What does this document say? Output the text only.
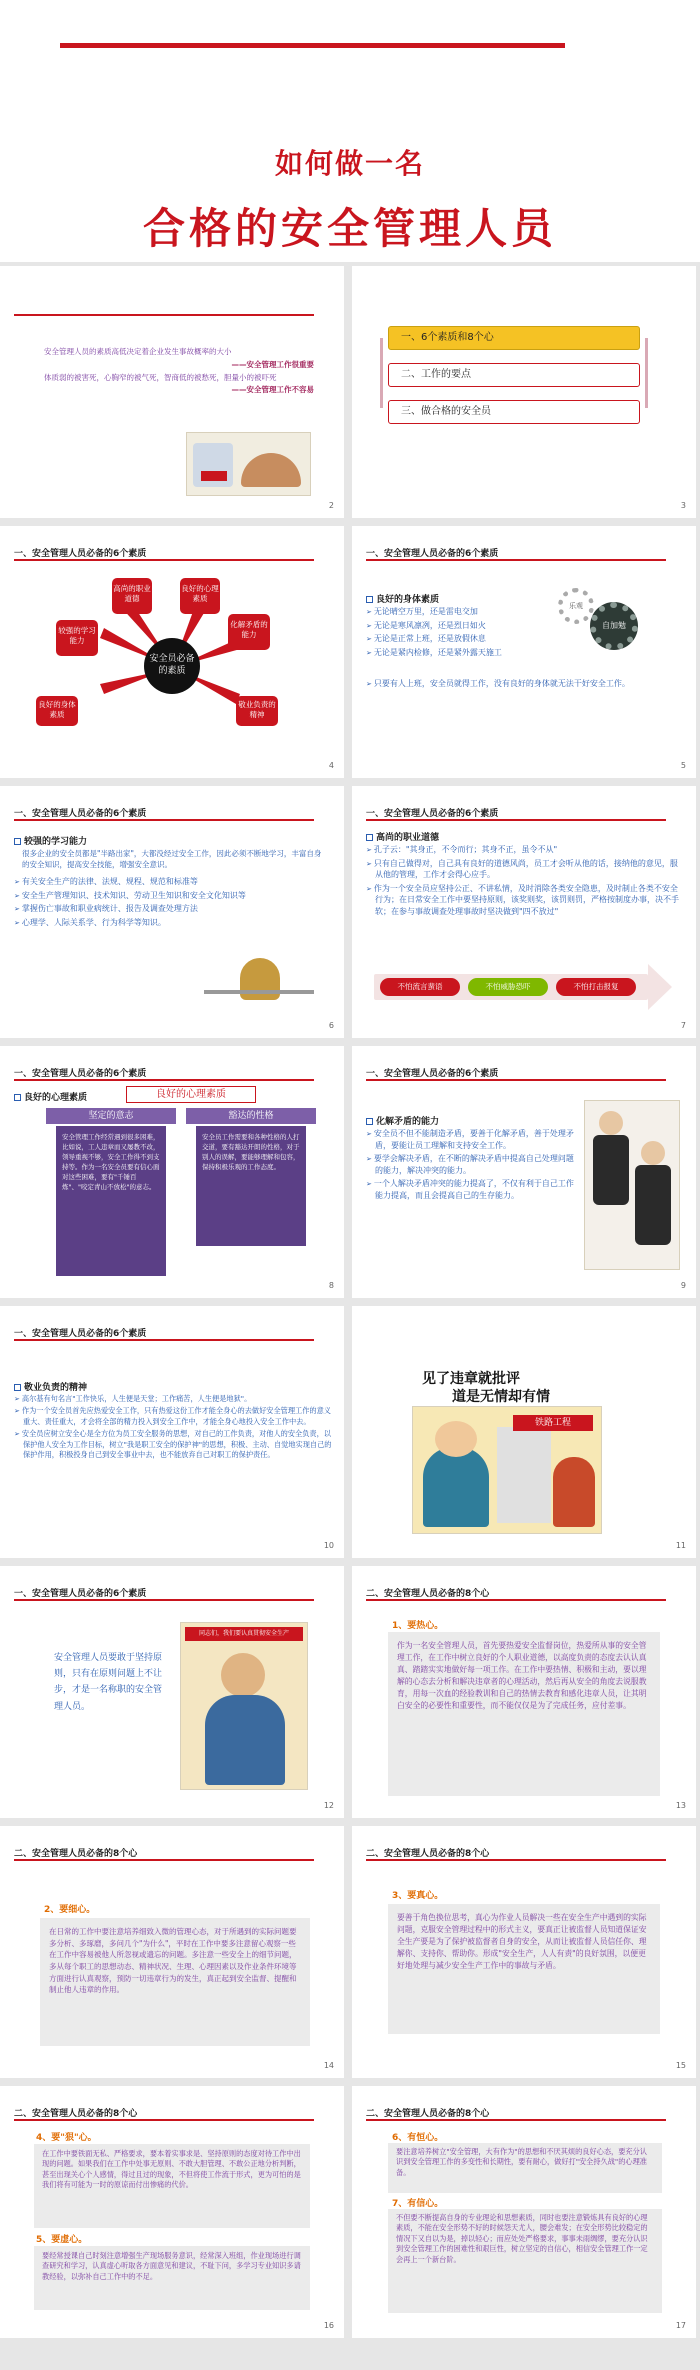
如何做一名
合格的安全管理人员
安全管理人员的素质高低决定着企业发生事故概率的大小
——安全管理工作很重要
体质弱的被害死，心胸窄的被气死，智商低的被愁死，胆量小的被吓死
——安全管理工作不容易
2
一、6个素质和8个心
二、工作的要点
三、做合格的安全员
3
一、安全管理人员必备的6个素质
安全员必备的素质
高尚的职业道德
良好的心理素质
化解矛盾的能力
敬业负责的精神
良好的身体素质
较强的学习能力
4
一、安全管理人员必备的6个素质
良好的身体素质
➢ 无论晴空万里，还是雷电交加
➢ 无论是寒风凛冽，还是烈日如火
➢ 无论是正常上班，还是放假休息
➢ 无论是紧内检修，还是紧外露天施工
➢ 只要有人上班，安全员就得工作，没有良好的身体就无法干好安全工作。
乐观
自加勉
5
一、安全管理人员必备的6个素质
较强的学习能力
很多企业的安全员都是"半路出家"，大都没经过安全工作，因此必须不断地学习，丰富自身的安全知识，提高安全技能，增强安全意识。
➢ 有关安全生产的法律、法规、规程、规范和标准等
➢ 安全生产管理知识、技术知识、劳动卫生知识和安全文化知识等
➢ 掌握伤亡事故和职业病统计、报告及调查处理方法
➢ 心理学、人际关系学、行为科学等知识。
6
一、安全管理人员必备的6个素质
高尚的职业道德
➢ 孔子云："其身正，不令而行；其身不正，虽令不从"
➢ 只有自己做得对，自己具有良好的道德风尚，员工才会听从他的话，接纳他的意见，服从他的管理，工作才会得心应手。
➢ 作为一个安全员应坚持公正、不讲私情，及时消除各类安全隐患，及时制止各类不安全行为；在日常安全工作中要坚持原则，该奖则奖，该罚则罚，严格按制度办事，决不手软；在参与事故调查处理事故时坚决做到"四不放过"
不怕流言蜚语	不怕威胁恐吓	不怕打击报复
7
一、安全管理人员必备的6个素质
良好的心理素质	良好的心理素质
坚定的意志	豁达的性格
安全管理工作经常遇到很多困难，比如说，工人违章而又屡教不改，领导重视不够，安全工作得不到支持等。作为一名安全员要有信心面对这些困难，要有"千锤百炼"、"咬定青山不放松"的意志。
安全员工作需要和各种性格的人打交道，要有豁达开朗的性格，对于别人的误解，要能够理解和包容，保持积极乐观的工作态度。
8
一、安全管理人员必备的6个素质
化解矛盾的能力
➢ 安全员不但不能制造矛盾，要善于化解矛盾，善于处理矛盾，要能让员工理解和支持安全工作。
➢ 要学会解决矛盾，在不断的解决矛盾中提高自己处理问题的能力，解决冲突的能力。
➢ 一个人解决矛盾冲突的能力提高了，不仅有利于自己工作能力提高，而且会提高自己的生存能力。
9
一、安全管理人员必备的6个素质
敬业负责的精神
➢ 高尔基有句名言"工作快乐，人生便是天堂；工作痛苦，人生便是地狱"。
➢ 作为一个安全员首先应热爱安全工作，只有热爱这份工作才能全身心的去做好安全管理工作的意义重大、责任重大，才会将全部的精力投入到安全工作中，才能全身心地投入安全工作中去。
➢ 安全员应树立安全心是全方位为员工安全服务的思想，对自己的工作负责，对他人的安全负责，以保护他人安全为工作目标，树立"我是职工安全的保护神"的思想，积极、主动、自觉地实现自己的保护作用，积极投身自己到安全事业中去，也不能放弃自己对职工的保护责任。
10
见了违章就批评
道是无情却有情
铁路工程
11
一、安全管理人员必备的6个素质
安全管理人员要敢于坚持原则，只有在原则问题上不让步，才是一名称职的安全管理人员。
同志们，我们要认真贯彻安全生产
12
二、安全管理人员必备的8个心
1、要热心。
作为一名安全管理人员，首先要热爱安全监督岗位，热爱所从事的安全管理工作，在工作中树立良好的个人职业道德，以高度负责的态度去认认真真、踏踏实实地做好每一项工作。在工作中要热情、积极和主动，要以理解的心态去分析和解决违章者的心理活动，然后再从安全的角度去说服教育，用每一次血的经验教训和自己的热情去教育和感化违章人员，让其明白安全的必要性和重要性，而不能仅仅是为了完成任务，应付差事。
13
二、安全管理人员必备的8个心
2、要细心。
在日常的工作中要注意培养细致入微的管理心态，对于所遇到的实际问题要多分析、多琢磨，多问几个"为什么"，平时在工作中要多注意留心观察一些在工作中容易被他人所忽视或遗忘的问题。多注意一些安全上的细节问题，多从每个职工的思想动态、精神状况、生理、心理因素以及作业条件环境等方面进行认真观察，预防一切违章行为的发生，真正起到安全监督、提醒和制止他人违章的作用。
14
二、安全管理人员必备的8个心
3、要真心。
要善于角色换位思考，真心为作业人员解决一些在安全生产中遇到的实际问题，克服安全管理过程中的形式主义，要真正让被监督人员知道保证安全生产要是为了保护被监督者自身的安全，从而让被监督人员信任你、理解你、支持你、帮助你。形成"安全生产，人人有责"的良好氛围，以便更好地处理与减少安全生产工作中的事故与矛盾。
15
二、安全管理人员必备的8个心
4、要"狠"心。
在工作中要铁面无私、严格要求，要本着实事求是、坚持原则的态度对待工作中出现的问题。如果我们在工作中处事无原则、不敢大胆管理、不敢公正地分析判断，甚至出现关心个人感情，得过且过的现象，不但将使工作流于形式，更为可怕的是我们将有可能为一时的原谅而付出惨痛的代价。
5、要虚心。
要经常授课自己时刻注意增强生产现场服务意识，经常深入班组，作业现场进行调查研究和学习，认真虚心听取各方面意见和建议，不耻下问，多学习专业知识多请教经验，以弥补自己工作中的不足。
16
二、安全管理人员必备的8个心
6、有恒心。
要注意培养树立"安全管理，大有作为"的思想和不厌其烦的良好心态，要充分认识到安全管理工作的多变性和长期性，要有耐心，做好打"安全持久战"的心理准备。
7、有信心。
不但要不断提高自身的专业理论和思想素质，同时也要注意锻炼具有良好的心理素质，不能在安全形势不好的时候怨天尤人，腰会难发；在安全形势比较稳定的情况下又自以为是，掉以轻心；而应处处严格要求，事事未雨绸缪，要充分认识到安全管理工作的困难性和艰巨性，树立坚定的自信心，相信安全管理工作一定会再上一个新台阶。
17
